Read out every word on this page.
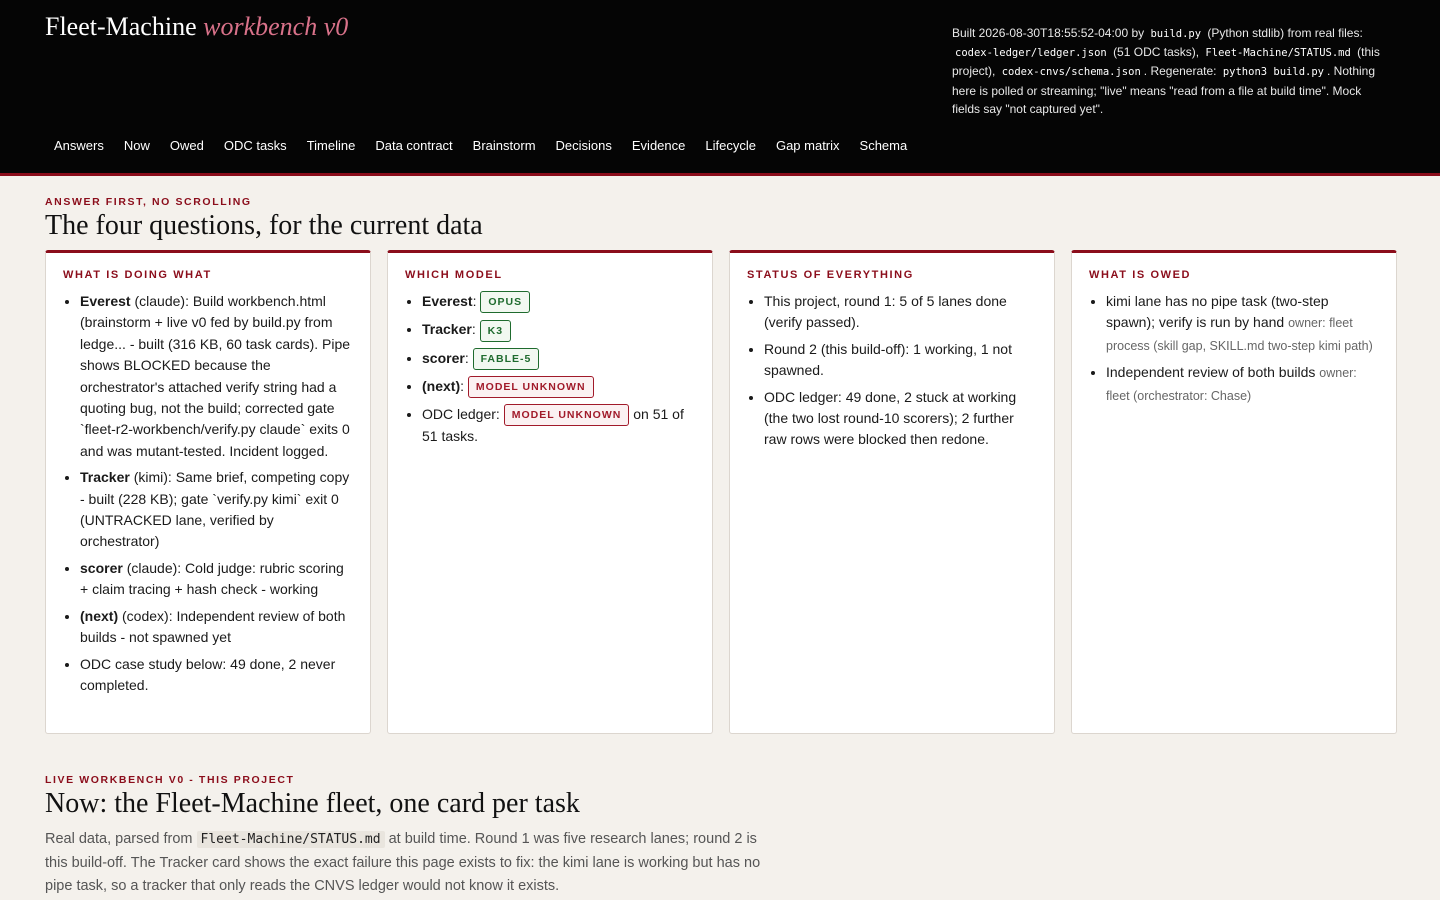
Fleet-Machine workbench v0	Built 2026-08-30T18:55:52-04:00 by build.py (Python stdlib) from real files: codex-ledger/ledger.json (51 ODC tasks), Fleet-Machine/STATUS.md (this project), codex-cnvs/schema.json . Regenerate: python3 build.py . Nothing here is polled or streaming; "live" means "read from a file at build time". Mock fields say "not captured yet".
Answers	Now	Owed	ODC tasks	Timeline	Data contract	Brainstorm	Decisions	Evidence	Lifecycle	Gap matrix	Schema
ANSWER FIRST, NO SCROLLING
The four questions, for the current data
WHAT IS DOING WHAT
• Everest (claude): Build workbench.html (brainstorm + live v0 fed by build.py from ledge... - built (316 KB, 60 task cards). Pipe shows BLOCKED because the orchestrator's attached verify string had a quoting bug, not the build; corrected gate `fleet-r2-workbench/verify.py claude` exits 0 and was mutant-tested. Incident logged.
• Tracker (kimi): Same brief, competing copy - built (228 KB); gate `verify.py kimi` exit 0 (UNTRACKED lane, verified by orchestrator)
• scorer (claude): Cold judge: rubric scoring + claim tracing + hash check - working
• (next) (codex): Independent review of both builds - not spawned yet
• ODC case study below: 49 done, 2 never completed.
WHICH MODEL
• Everest: OPUS
• Tracker: K3
• scorer: FABLE-5
• (next): MODEL UNKNOWN
• ODC ledger: MODEL UNKNOWN on 51 of 51 tasks.
STATUS OF EVERYTHING
• This project, round 1: 5 of 5 lanes done (verify passed).
• Round 2 (this build-off): 1 working, 1 not spawned.
• ODC ledger: 49 done, 2 stuck at working (the two lost round-10 scorers); 2 further raw rows were blocked then redone.
WHAT IS OWED
• kimi lane has no pipe task (two-step spawn); verify is run by hand owner: fleet process (skill gap, SKILL.md two-step kimi path)
• Independent review of both builds owner: fleet (orchestrator: Chase)
LIVE WORKBENCH V0 - THIS PROJECT
Now: the Fleet-Machine fleet, one card per task

Real data, parsed from Fleet-Machine/STATUS.md at build time. Round 1 was five research lanes; round 2 is this build-off. The Tracker card shows the exact failure this page exists to fix: the kimi lane is working but has no pipe task, so a tracker that only reads the CNVS ledger would not know it exists.
